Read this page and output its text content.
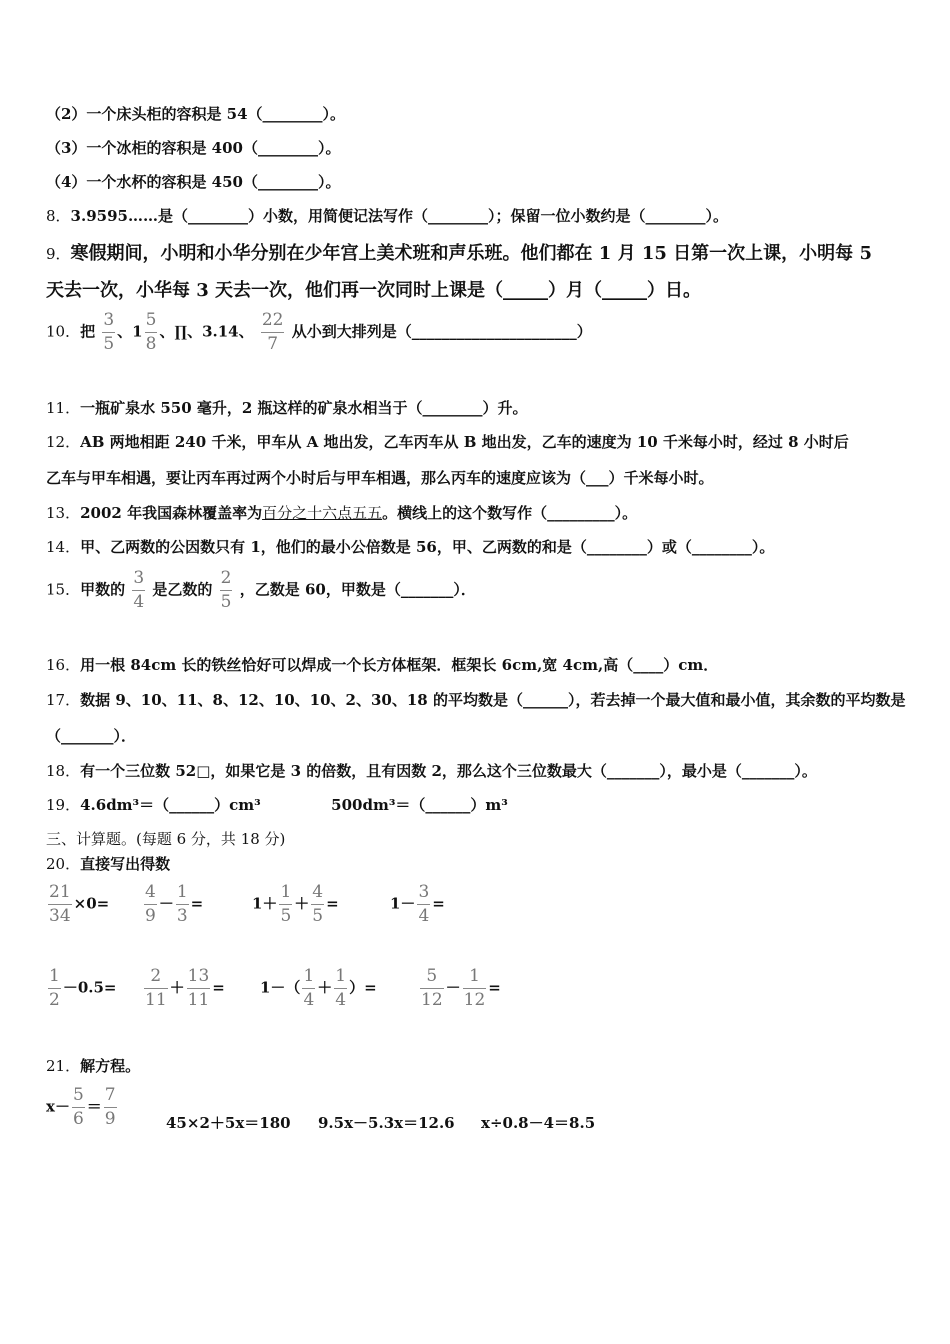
（2）一个床头柜的容积是 54（________）。
（3）一个冰柜的容积是 400（________）。
（4）一个水杯的容积是 450（________）。
8．3.9595……是（________）小数，用简便记法写作（________）；保留一位小数约是（________）。
9．寒假期间，小明和小华分别在少年宫上美术班和声乐班。他们都在 1 月 15 日第一次上课，小明每 5
天去一次，小华每 3 天去一次，他们再一次同时上课是（_____）月（_____）日。
10．把 $\frac{3}{5}$ 、$1 \frac{5}{8}$ 、∏、3.14、 $\frac{22}{7}$ 从小到大排列是（______________________）
11．一瓶矿泉水 550 毫升，2 瓶这样的矿泉水相当于（________）升。
12．AB 两地相距 240 千米，甲车从 A 地出发，乙车丙车从 B 地出发，乙车的速度为 10 千米每小时，经过 8 小时后
乙车与甲车相遇，要让丙车再过两个小时后与甲车相遇，那么丙车的速度应该为（___）千米每小时。
13．2002 年我国森林覆盖率为百分之十六点五五。横线上的这个数写作（_________）。
14．甲、乙两数的公因数只有 1，他们的最小公倍数是 56，甲、乙两数的和是（________）或（________）。
15．甲数的 $\frac{3}{4}$ 是乙数的 $\frac{2}{5}$ ，乙数是 60，甲数是（_______）．
16．用一根 84cm 长的铁丝恰好可以焊成一个长方体框架．框架长 6cm,宽 4cm,高（____）cm．
17．数据 9、10、11、8、12、10、10、2、30、18 的平均数是（______），若去掉一个最大值和最小值，其余数的平均数是
（_______）．
18．有一个三位数 52□，如果它是 3 的倍数，且有因数 2，那么这个三位数最大（_______），最小是（_______）。
19．4.6dm³＝（______）cm³	500dm³＝（______）m³
三、计算题。(每题 6 分，共 18 分)
20．直接写出得数
$\frac{21}{34} \times 0= \frac{4}{9} - \frac{1}{3}$ =	$1+ \frac{1}{5} + \frac{4}{5}$ =	$1- \frac{3}{4}$ =
$\frac{1}{2} -0.5= \frac{2}{11} + \frac{13}{11} = 1-( \frac{1}{4} + \frac{1}{4}$ ）=	$\frac{5}{12} - \frac{1}{12}$ =
21．解方程。
$x- \frac{5}{6} = \frac{7}{9}$	45×2＋5x＝180 9.5x－5.3x＝12.6 x÷0.8－4＝8.5
